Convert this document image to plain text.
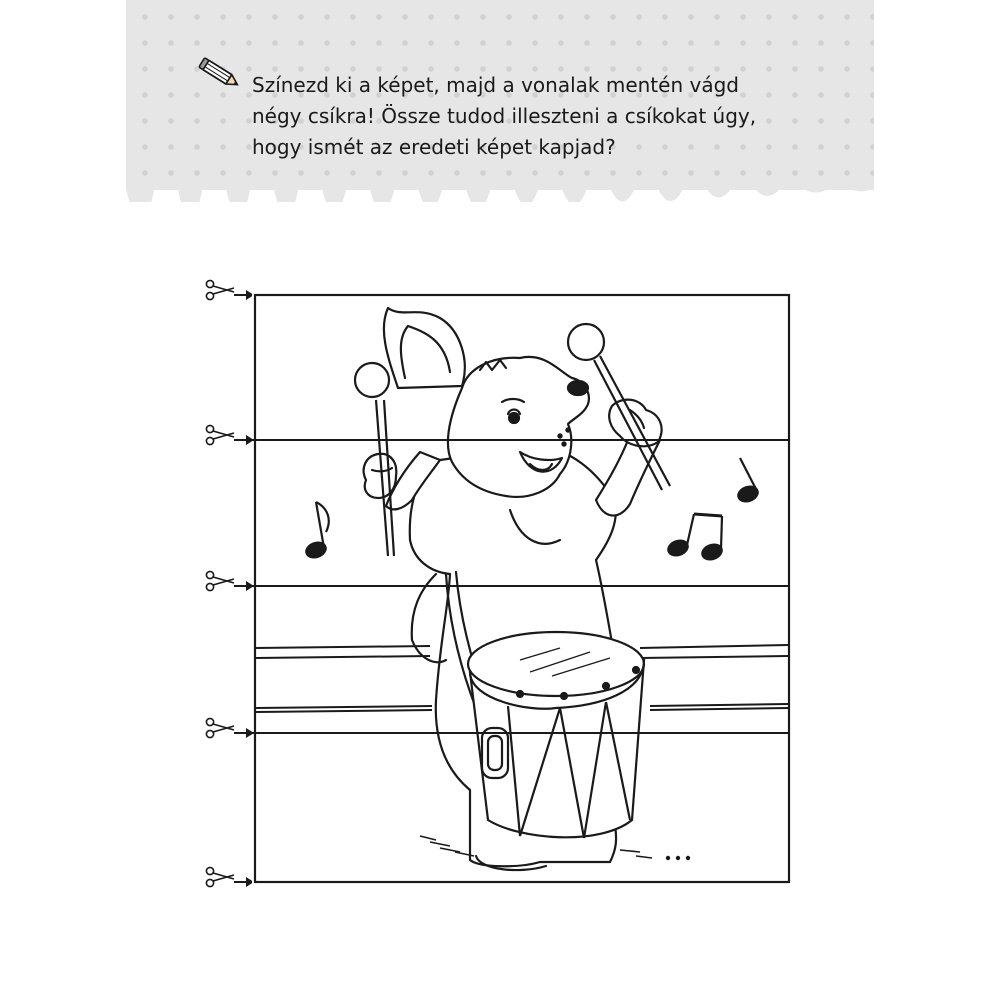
Színezd ki a képet, majd a vonalak mentén vágd
négy csíkra! Össze tudod illeszteni a csíkokat úgy,
hogy ismét az eredeti képet kapjad?
